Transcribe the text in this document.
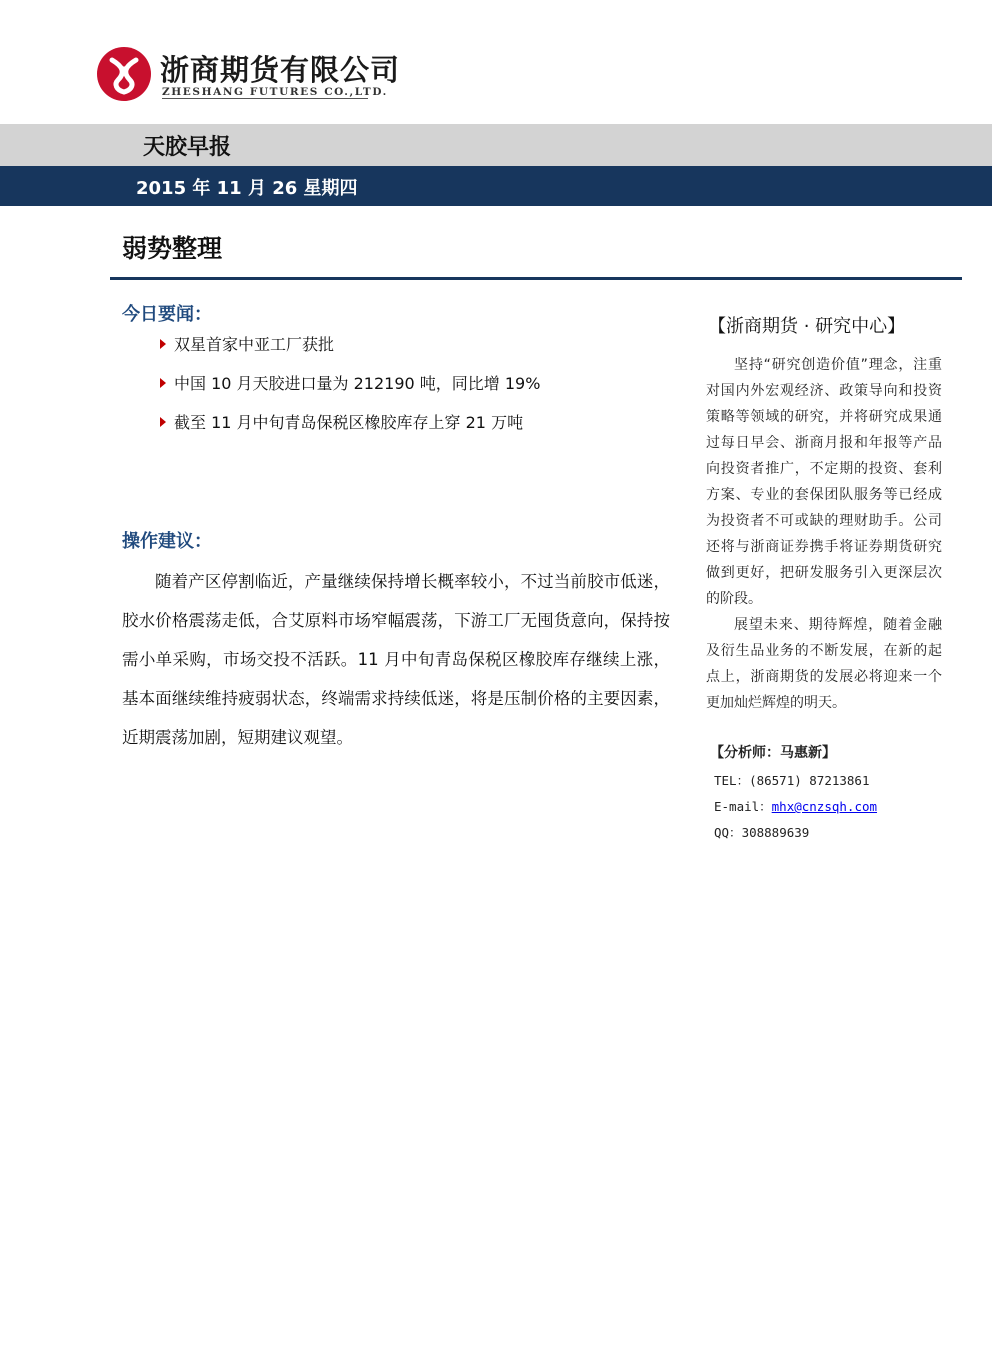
浙商期货有限公司
ZHESHANG FUTURES CO.,LTD.
天胶早报
2015 年 11 月 26 星期四
弱势整理
今日要闻：
双星首家中亚工厂获批
中国 10 月天胶进口量为 212190 吨，同比增 19%
截至 11 月中旬青岛保税区橡胶库存上穿 21 万吨
操作建议：
随着产区停割临近，产量继续保持增长概率较小，不过当前胶市低迷，胶水价格震荡走低，合艾原料市场窄幅震荡，下游工厂无囤货意向，保持按需小单采购，市场交投不活跃。11 月中旬青岛保税区橡胶库存继续上涨，基本面继续维持疲弱状态，终端需求持续低迷，将是压制价格的主要因素，近期震荡加剧，短期建议观望。
【浙商期货 · 研究中心】

坚持“研究创造价值”理念，注重对国内外宏观经济、政策导向和投资策略等领域的研究，并将研究成果通过每日早会、浙商月报和年报等产品向投资者推广，不定期的投资、套利方案、专业的套保团队服务等已经成为投资者不可或缺的理财助手。公司还将与浙商证券携手将证券期货研究做到更好，把研发服务引入更深层次的阶段。

展望未来、期待辉煌，随着金融及衍生品业务的不断发展，在新的起点上，浙商期货的发展必将迎来一个更加灿烂辉煌的明天。

【分析师：马惠新】
TEL：(86571) 87213861
E-mail：mhx@cnzsqh.com
QQ：308889639
